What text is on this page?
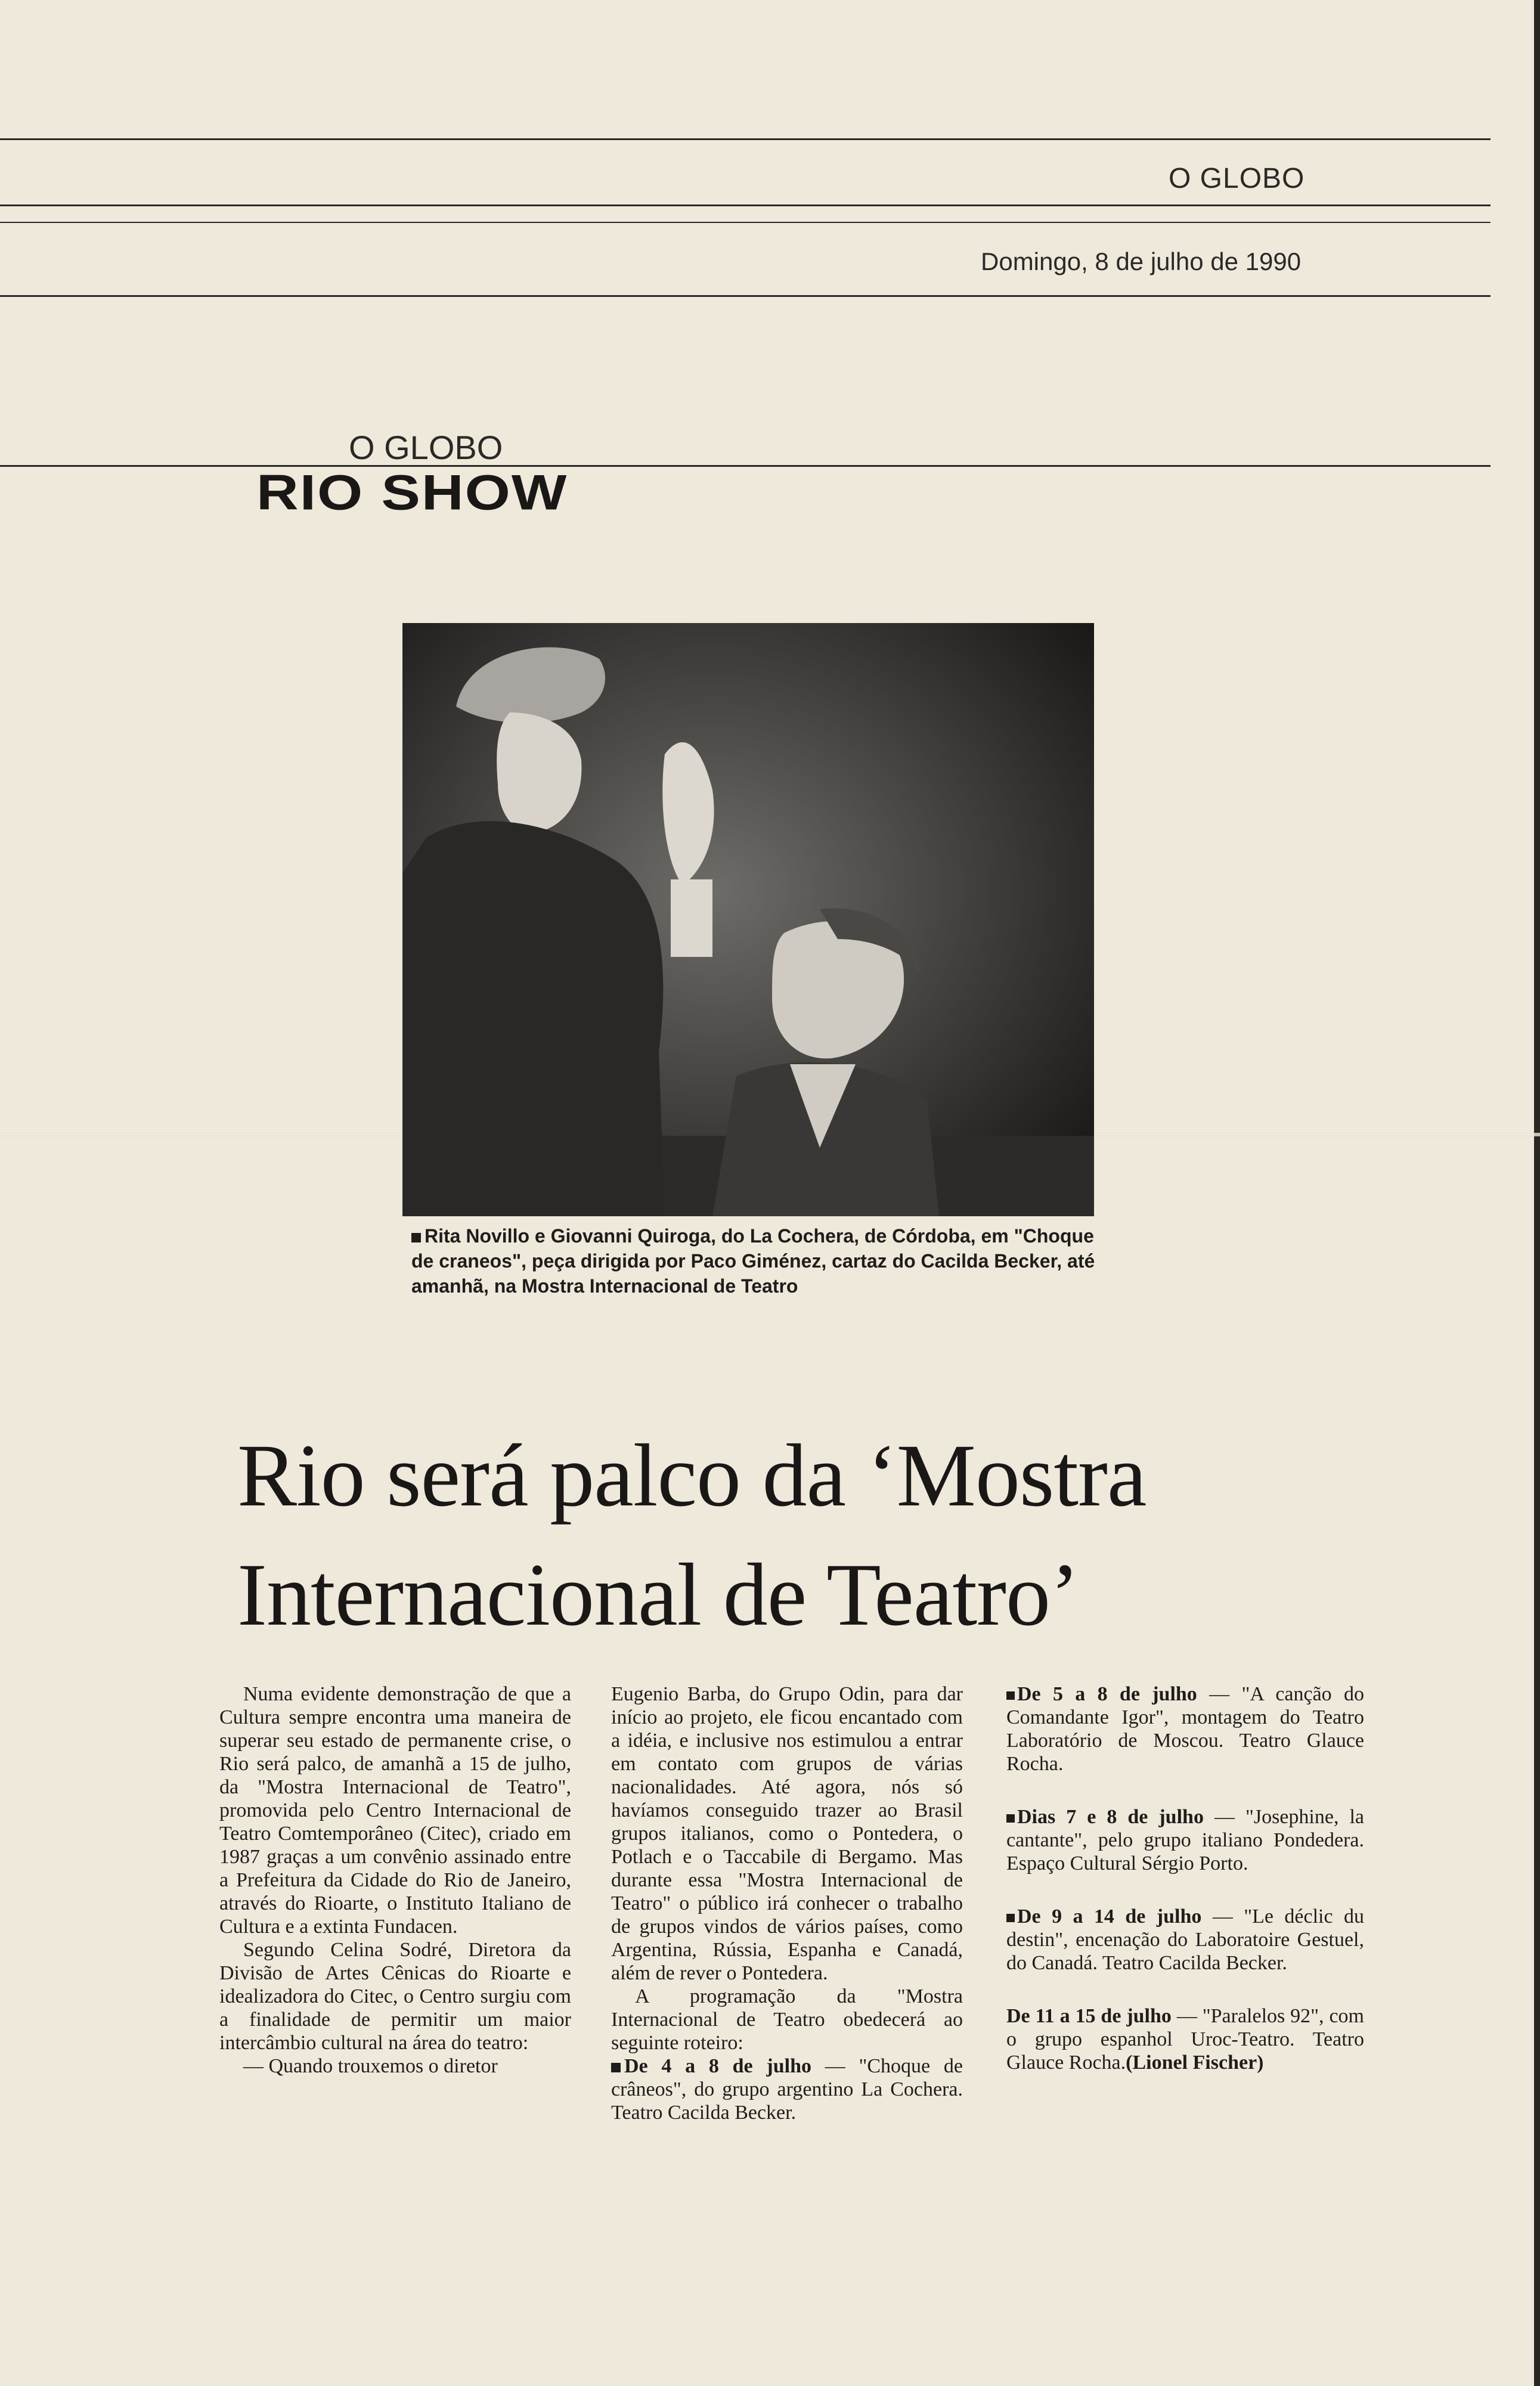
O GLOBO
Domingo, 8 de julho de 1990
O GLOBO
RIO SHOW
Rita Novillo e Giovanni Quiroga, do La Cochera, de Córdoba, em "Choque de craneos", peça dirigida por Paco Giménez, cartaz do Cacilda Becker, até amanhã, na Mostra Internacional de Teatro
Rio será palco da ‘Mostra
Internacional de Teatro’

Numa evidente demonstração de que a Cultura sempre encontra uma maneira de superar seu estado de permanente crise, o Rio será palco, de amanhã a 15 de julho, da "Mostra Internacional de Teatro", promovida pelo Centro Internacional de Teatro Comtemporâneo (Citec), criado em 1987 graças a um convênio assinado entre a Prefeitura da Cidade do Rio de Janeiro, através do Rioarte, o Instituto Italiano de Cultura e a extinta Fundacen.

Segundo Celina Sodré, Diretora da Divisão de Artes Cênicas do Rioarte e idealizadora do Citec, o Centro surgiu com a finalidade de permitir um maior intercâmbio cultural na área do teatro:

— Quando trouxemos o diretor

Eugenio Barba, do Grupo Odin, para dar início ao projeto, ele ficou encantado com a idéia, e inclusive nos estimulou a entrar em contato com grupos de várias nacionalidades. Até agora, nós só havíamos conseguido trazer ao Brasil grupos italianos, como o Pontedera, o Potlach e o Taccabile di Bergamo. Mas durante essa "Mostra Internacional de Teatro" o público irá conhecer o trabalho de grupos vindos de vários países, como Argentina, Rússia, Espanha e Canadá, além de rever o Pontedera.

A programação da "Mostra Internacional de Teatro obedecerá ao seguinte roteiro:

De 4 a 8 de julho — "Choque de crâneos", do grupo argentino La Cochera. Teatro Cacilda Becker.

De 5 a 8 de julho — "A canção do Comandante Igor", montagem do Teatro Laboratório de Moscou. Teatro Glauce Rocha.

Dias 7 e 8 de julho — "Josephine, la cantante", pelo grupo italiano Pondedera. Espaço Cultural Sérgio Porto.

De 9 a 14 de julho — "Le déclic du destin", encenação do Laboratoire Gestuel, do Canadá. Teatro Cacilda Becker.

De 11 a 15 de julho — "Paralelos 92", com o grupo espanhol Uroc-Teatro. Teatro Glauce Rocha.(Lionel Fischer)
